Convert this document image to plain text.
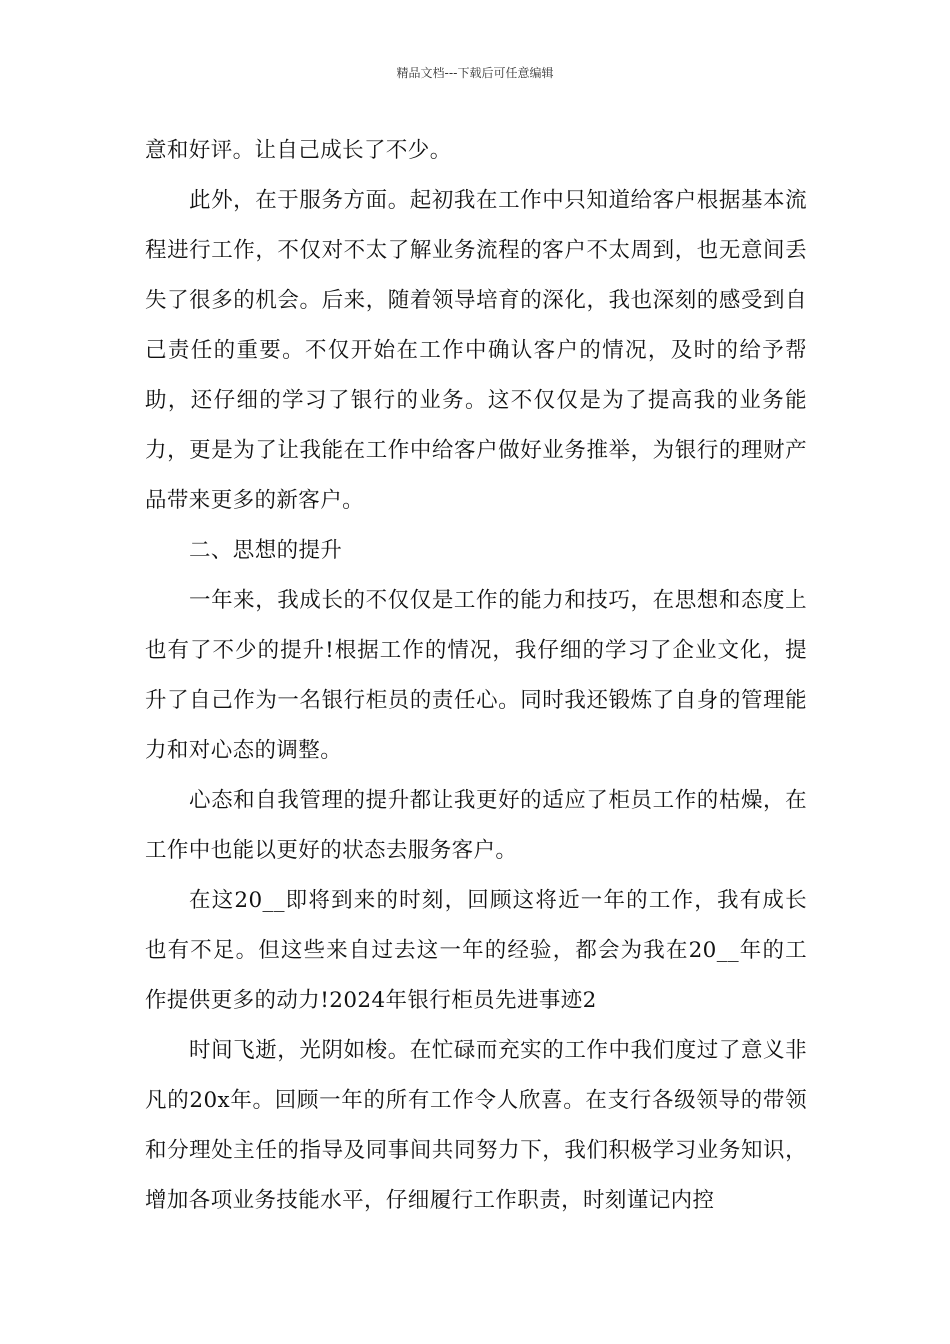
精品文档---下载后可任意编辑

意和好评。让自己成长了不少。

此外，在于服务方面。起初我在工作中只知道给客户根据基本流程进行工作，不仅对不太了解业务流程的客户不太周到，也无意间丢失了很多的机会。后来，随着领导培育的深化，我也深刻的感受到自己责任的重要。不仅开始在工作中确认客户的情况，及时的给予帮助，还仔细的学习了银行的业务。这不仅仅是为了提高我的业务能力，更是为了让我能在工作中给客户做好业务推举，为银行的理财产品带来更多的新客户。

二、思想的提升

一年来，我成长的不仅仅是工作的能力和技巧，在思想和态度上也有了不少的提升!根据工作的情况，我仔细的学习了企业文化，提升了自己作为一名银行柜员的责任心。同时我还锻炼了自身的管理能力和对心态的调整。

心态和自我管理的提升都让我更好的适应了柜员工作的枯燥，在工作中也能以更好的状态去服务客户。

在这20__即将到来的时刻，回顾这将近一年的工作，我有成长也有不足。但这些来自过去这一年的经验，都会为我在20__年的工作提供更多的动力!2024年银行柜员先进事迹2

时间飞逝，光阴如梭。在忙碌而充实的工作中我们度过了意义非凡的20x年。回顾一年的所有工作令人欣喜。在支行各级领导的带领和分理处主任的指导及同事间共同努力下，我们积极学习业务知识，增加各项业务技能水平，仔细履行工作职责，时刻谨记内控
